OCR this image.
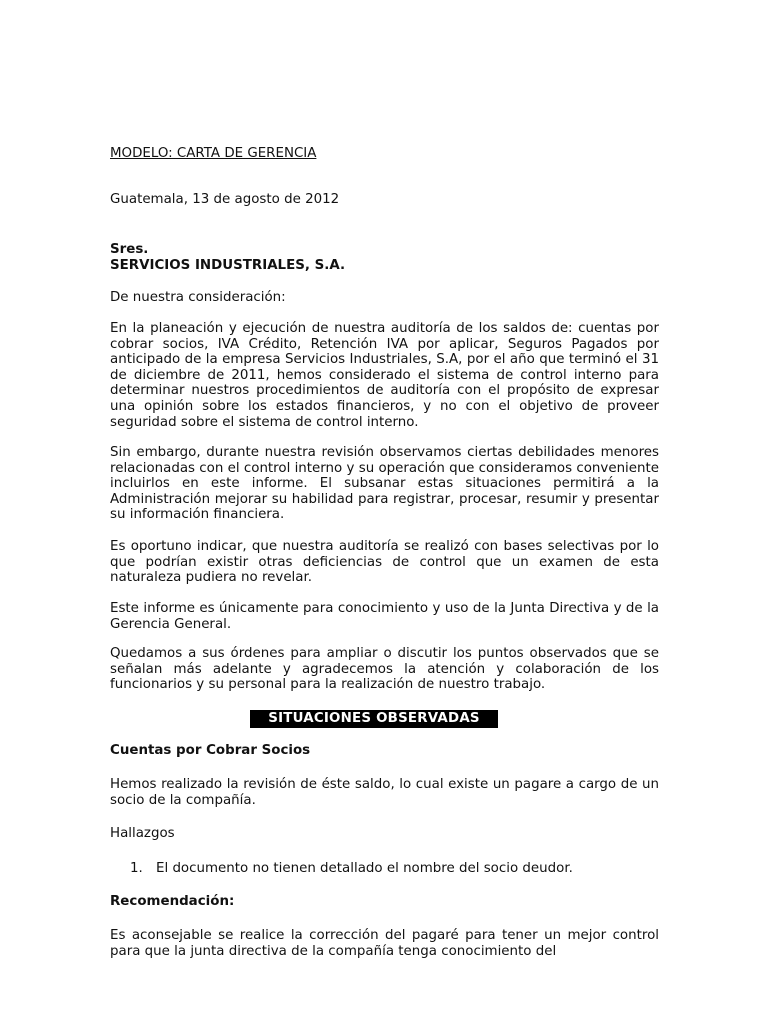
MODELO: CARTA DE GERENCIA
Guatemala, 13 de agosto de 2012
Sres.
SERVICIOS INDUSTRIALES, S.A.
De nuestra consideración:
En la planeación y ejecución de nuestra auditoría de los saldos de: cuentas por cobrar socios, IVA Crédito, Retención IVA por aplicar, Seguros Pagados por anticipado de la empresa Servicios Industriales, S.A, por el año que terminó el 31 de diciembre de 2011, hemos considerado el sistema de control interno para determinar nuestros procedimientos de auditoría con el propósito de expresar una opinión sobre los estados financieros, y no con el objetivo de proveer seguridad sobre el sistema de control interno.
Sin embargo, durante nuestra revisión observamos ciertas debilidades menores relacionadas con el control interno y su operación que consideramos conveniente incluirlos en este informe. El subsanar estas situaciones permitirá a la Administración mejorar su habilidad para registrar, procesar, resumir y presentar su información financiera.
Es oportuno indicar, que nuestra auditoría se realizó con bases selectivas por lo que podrían existir otras deficiencias de control que un examen de esta naturaleza pudiera no revelar.
Este informe es únicamente para conocimiento y uso de la Junta Directiva y de la Gerencia General.
Quedamos a sus órdenes para ampliar o discutir los puntos observados que se señalan más adelante y agradecemos la atención y colaboración de los funcionarios y su personal para la realización de nuestro trabajo.
SITUACIONES OBSERVADAS
Cuentas por Cobrar Socios
Hemos realizado la revisión de éste saldo, lo cual existe un pagare a cargo de un socio de la compañía.
Hallazgos
1. El documento no tienen detallado el nombre del socio deudor.
Recomendación:
Es aconsejable se realice la corrección del pagaré para tener un mejor control para que la junta directiva de la compañía tenga conocimiento del
